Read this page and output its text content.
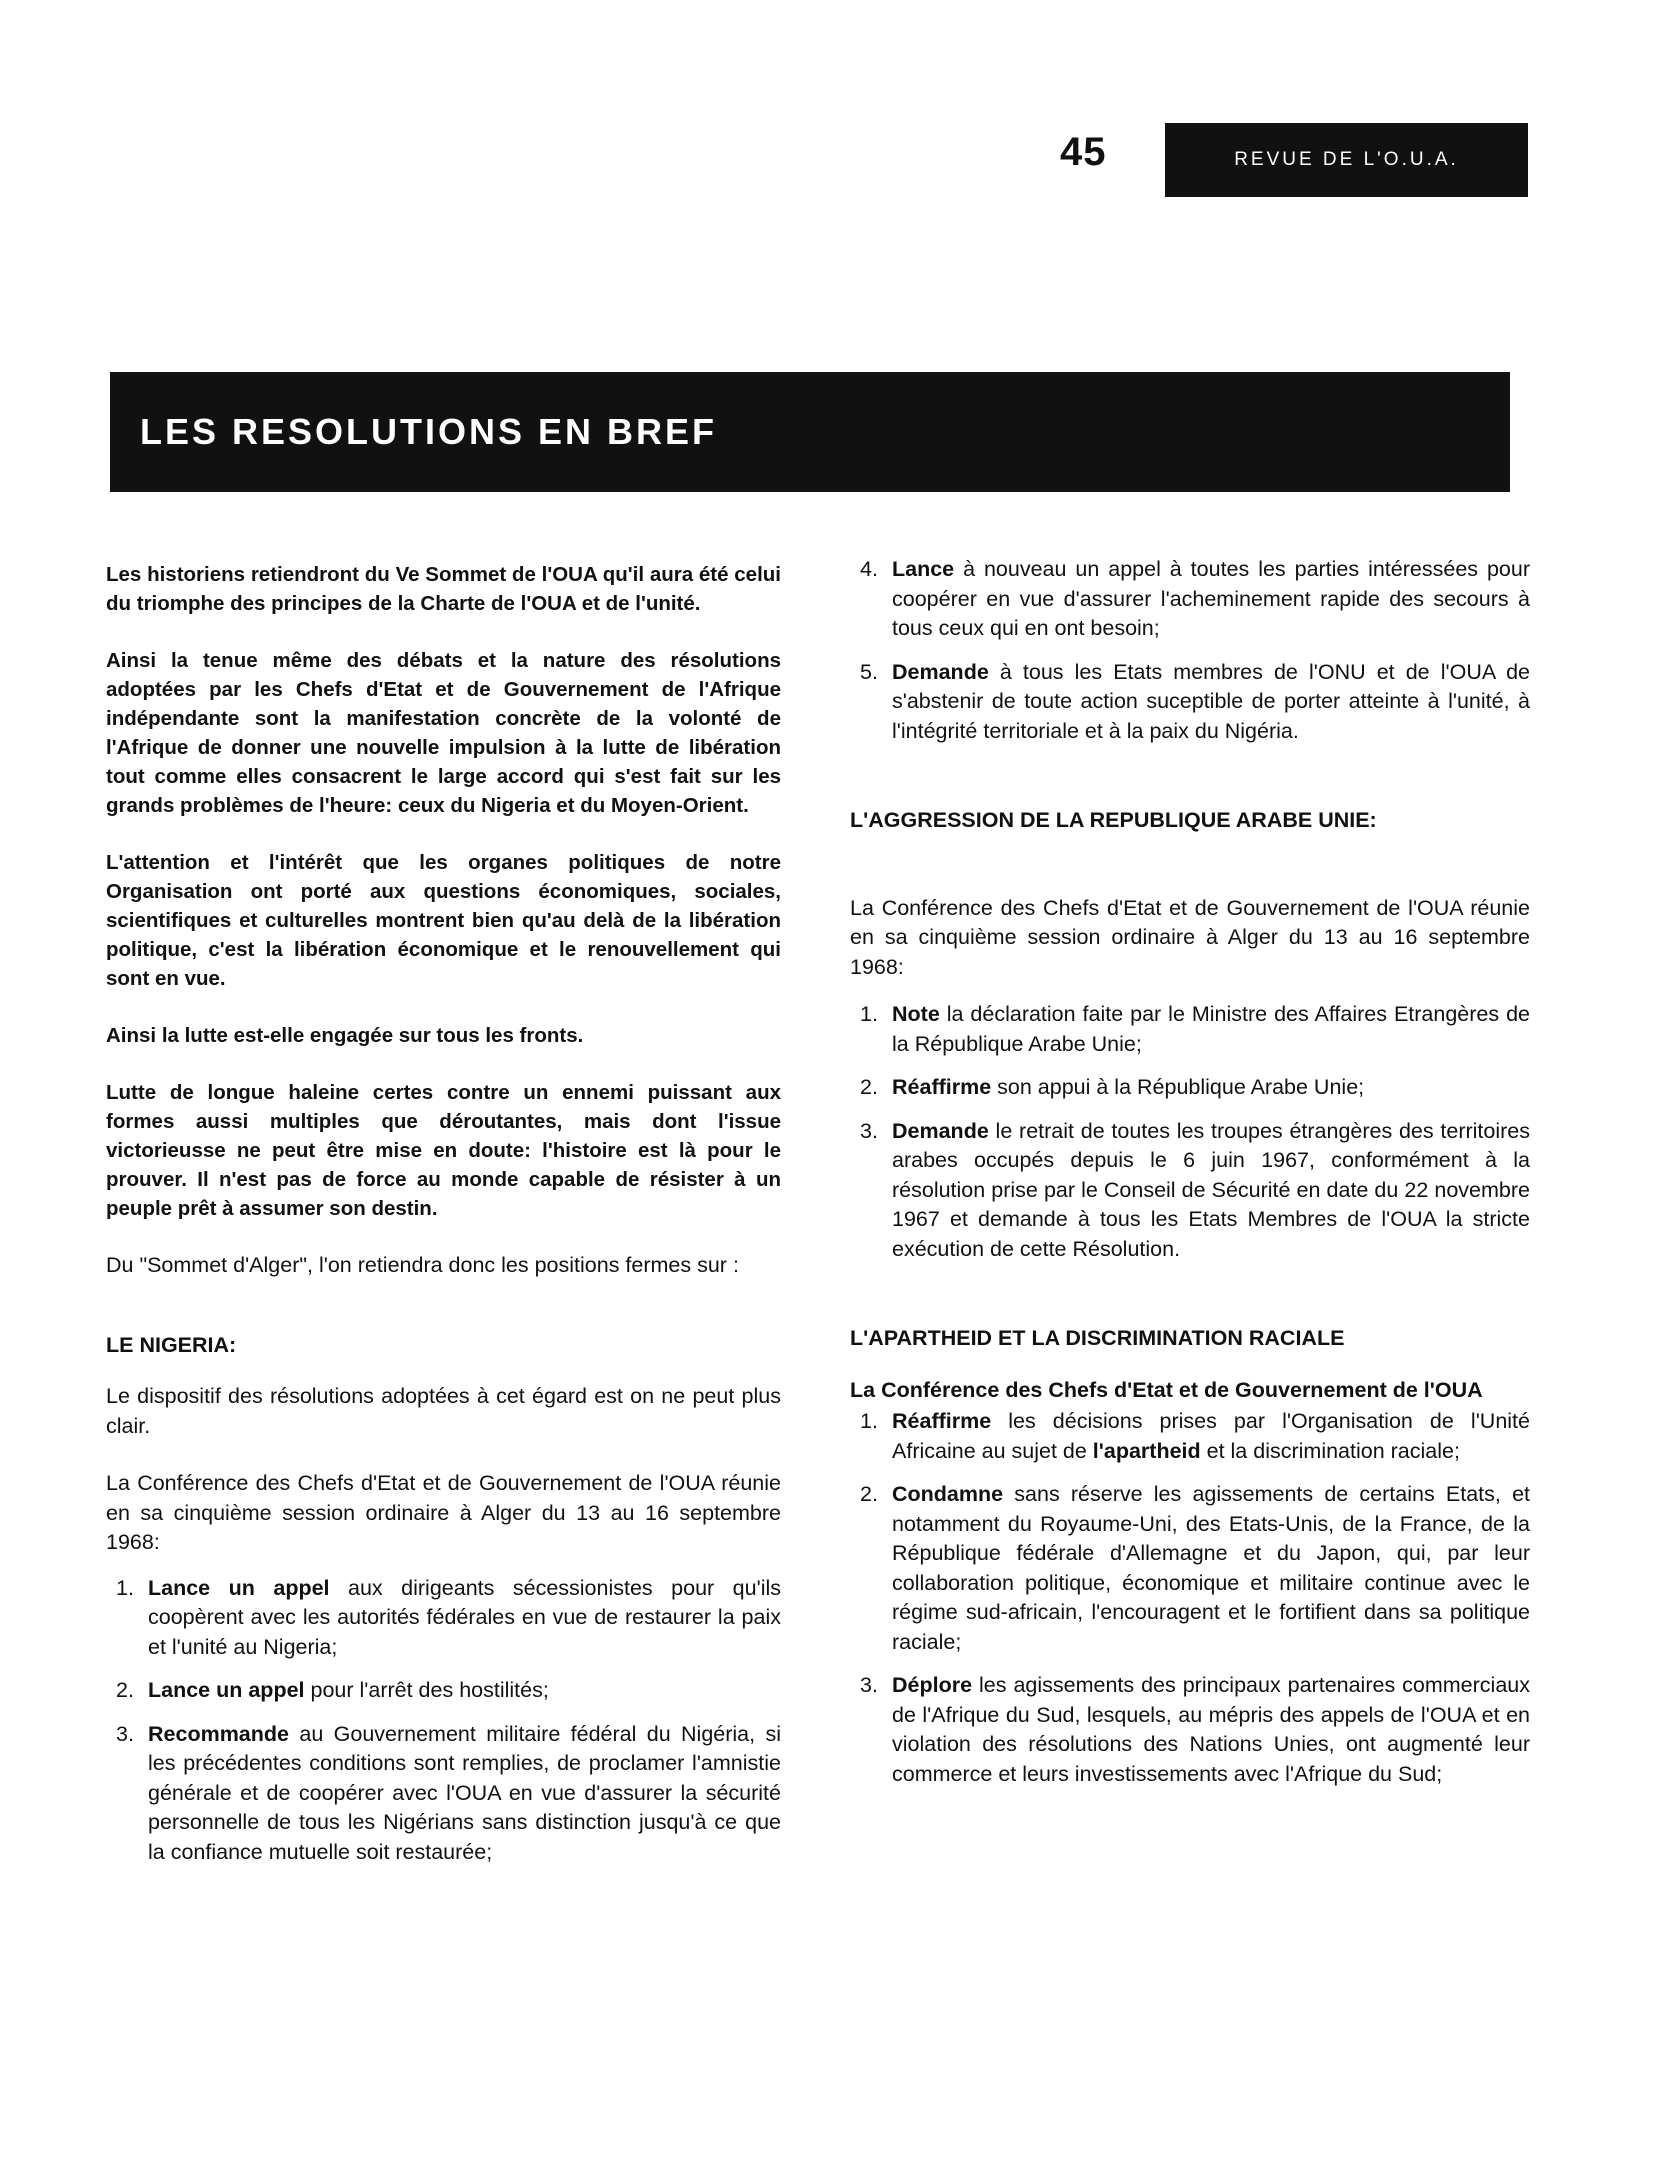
45	REVUE DE L'O.U.A.
LES RESOLUTIONS EN BREF

Les historiens retiendront du Ve Sommet de l'OUA qu'il aura été celui du triomphe des principes de la Charte de l'OUA et de l'unité.

Ainsi la tenue même des débats et la nature des résolutions adoptées par les Chefs d'Etat et de Gouvernement de l'Afrique indépendante sont la manifestation concrète de la volonté de l'Afrique de donner une nouvelle impulsion à la lutte de libération tout comme elles consacrent le large accord qui s'est fait sur les grands problèmes de l'heure: ceux du Nigeria et du Moyen-Orient.

L'attention et l'intérêt que les organes politiques de notre Organisation ont porté aux questions économiques, sociales, scientifiques et culturelles montrent bien qu'au delà de la libération politique, c'est la libération économique et le renouvellement qui sont en vue.

Ainsi la lutte est-elle engagée sur tous les fronts.

Lutte de longue haleine certes contre un ennemi puissant aux formes aussi multiples que déroutantes, mais dont l'issue victorieusse ne peut être mise en doute: l'histoire est là pour le prouver. Il n'est pas de force au monde capable de résister à un peuple prêt à assumer son destin.

Du "Sommet d'Alger", l'on retiendra donc les positions fermes sur :

LE NIGERIA:

Le dispositif des résolutions adoptées à cet égard est on ne peut plus clair.

La Conférence des Chefs d'Etat et de Gouvernement de l'OUA réunie en sa cinquième session ordinaire à Alger du 13 au 16 septembre 1968:

1. Lance un appel aux dirigeants sécessionistes pour qu'ils coopèrent avec les autorités fédérales en vue de restaurer la paix et l'unité au Nigeria;
2. Lance un appel pour l'arrêt des hostilités;
3. Recommande au Gouvernement militaire fédéral du Nigéria, si les précédentes conditions sont remplies, de proclamer l'amnistie générale et de coopérer avec l'OUA en vue d'assurer la sécurité personnelle de tous les Nigérians sans distinction jusqu'à ce que la confiance mutuelle soit restaurée;
4. Lance à nouveau un appel à toutes les parties intéressées pour coopérer en vue d'assurer l'acheminement rapide des secours à tous ceux qui en ont besoin;
5. Demande à tous les Etats membres de l'ONU et de l'OUA de s'abstenir de toute action suceptible de porter atteinte à l'unité, à l'intégrité territoriale et à la paix du Nigéria.

L'AGGRESSION DE LA REPUBLIQUE ARABE UNIE:

La Conférence des Chefs d'Etat et de Gouvernement de l'OUA réunie en sa cinquième session ordinaire à Alger du 13 au 16 septembre 1968:

1. Note la déclaration faite par le Ministre des Affaires Etrangères de la République Arabe Unie;
2. Réaffirme son appui à la République Arabe Unie;
3. Demande le retrait de toutes les troupes étrangères des territoires arabes occupés depuis le 6 juin 1967, conformément à la résolution prise par le Conseil de Sécurité en date du 22 novembre 1967 et demande à tous les Etats Membres de l'OUA la stricte exécution de cette Résolution.

L'APARTHEID ET LA DISCRIMINATION RACIALE

La Conférence des Chefs d'Etat et de Gouvernement de l'OUA

1. Réaffirme les décisions prises par l'Organisation de l'Unité Africaine au sujet de l'apartheid et la discrimination raciale;
2. Condamne sans réserve les agissements de certains Etats, et notamment du Royaume-Uni, des Etats-Unis, de la France, de la République fédérale d'Allemagne et du Japon, qui, par leur collaboration politique, économique et militaire continue avec le régime sud-africain, l'encouragent et le fortifient dans sa politique raciale;
3. Déplore les agissements des principaux partenaires commerciaux de l'Afrique du Sud, lesquels, au mépris des appels de l'OUA et en violation des résolutions des Nations Unies, ont augmenté leur commerce et leurs investissements avec l'Afrique du Sud;
